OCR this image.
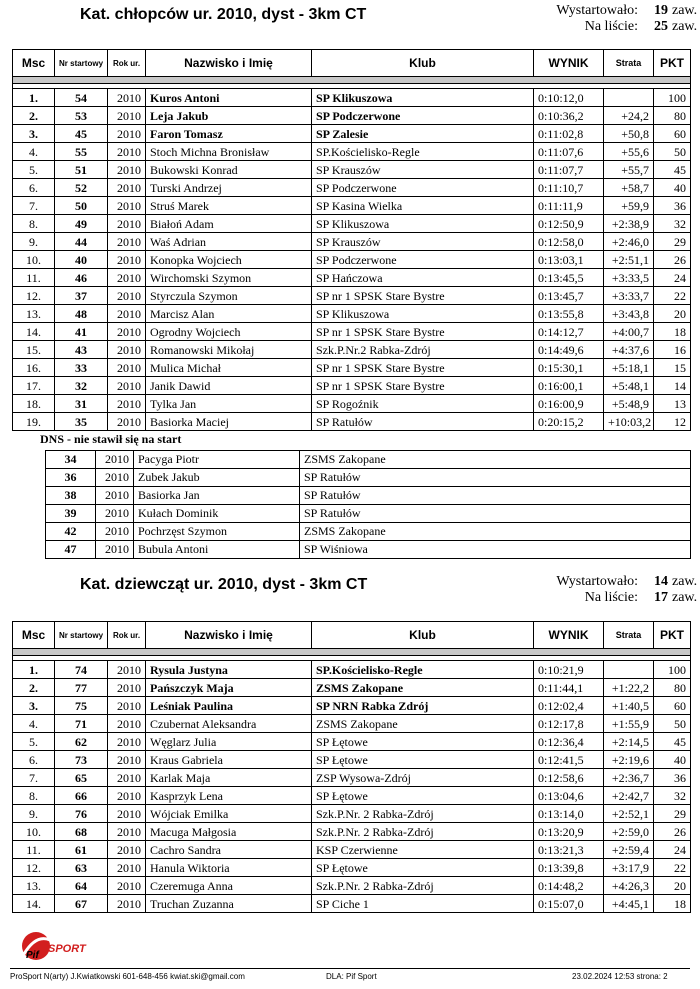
Kat. chłopców ur. 2010, dyst - 3km CT	Wystartowało: 19 zaw.
Na liście: 25 zaw.
Msc	Nr startowy	Rok ur.	Nazwisko i Imię	Klub	WYNIK	Strata	PKT

1.	54	2010	Kuros Antoni	SP Klikuszowa	0:10:12,0		100
2.	53	2010	Leja Jakub	SP Podczerwone	0:10:36,2	+24,2	80
3.	45	2010	Faron Tomasz	SP Zalesie	0:11:02,8	+50,8	60
4.	55	2010	Stoch Michna Bronisław	SP.Kościelisko-Regle	0:11:07,6	+55,6	50
5.	51	2010	Bukowski Konrad	SP Krauszów	0:11:07,7	+55,7	45
6.	52	2010	Turski Andrzej	SP Podczerwone	0:11:10,7	+58,7	40
7.	50	2010	Struś Marek	SP Kasina Wielka	0:11:11,9	+59,9	36
8.	49	2010	Białoń Adam	SP Klikuszowa	0:12:50,9	+2:38,9	32
9.	44	2010	Waś Adrian	SP Krauszów	0:12:58,0	+2:46,0	29
10.	40	2010	Konopka Wojciech	SP Podczerwone	0:13:03,1	+2:51,1	26
11.	46	2010	Wirchomski Szymon	SP Hańczowa	0:13:45,5	+3:33,5	24
12.	37	2010	Styrczula Szymon	SP nr 1 SPSK Stare Bystre	0:13:45,7	+3:33,7	22
13.	48	2010	Marcisz Alan	SP Klikuszowa	0:13:55,8	+3:43,8	20
14.	41	2010	Ogrodny Wojciech	SP nr 1 SPSK Stare Bystre	0:14:12,7	+4:00,7	18
15.	43	2010	Romanowski Mikołaj	Szk.P.Nr.2 Rabka-Zdrój	0:14:49,6	+4:37,6	16
16.	33	2010	Mulica Michał	SP nr 1 SPSK Stare Bystre	0:15:30,1	+5:18,1	15
17.	32	2010	Janik Dawid	SP nr 1 SPSK Stare Bystre	0:16:00,1	+5:48,1	14
18.	31	2010	Tylka Jan	SP Rogoźnik	0:16:00,9	+5:48,9	13
19.	35	2010	Basiorka Maciej	SP Ratułów	0:20:15,2	+10:03,2	12
DNS - nie stawił się na start
34	2010	Pacyga Piotr	ZSMS Zakopane
36	2010	Zubek Jakub	SP Ratułów
38	2010	Basiorka Jan	SP Ratułów
39	2010	Kułach Dominik	SP Ratułów
42	2010	Pochrzęst Szymon	ZSMS Zakopane
47	2010	Bubula Antoni	SP Wiśniowa
Kat. dziewcząt ur. 2010, dyst - 3km CT	Wystartowało: 14 zaw.
Na liście: 17 zaw.
Msc	Nr startowy	Rok ur.	Nazwisko i Imię	Klub	WYNIK	Strata	PKT

1.	74	2010	Rysula Justyna	SP.Kościelisko-Regle	0:10:21,9		100
2.	77	2010	Pańszczyk Maja	ZSMS Zakopane	0:11:44,1	+1:22,2	80
3.	75	2010	Leśniak Paulina	SP NRN Rabka Zdrój	0:12:02,4	+1:40,5	60
4.	71	2010	Czubernat Aleksandra	ZSMS Zakopane	0:12:17,8	+1:55,9	50
5.	62	2010	Węglarz Julia	SP Łętowe	0:12:36,4	+2:14,5	45
6.	73	2010	Kraus Gabriela	SP Łętowe	0:12:41,5	+2:19,6	40
7.	65	2010	Karlak Maja	ZSP Wysowa-Zdrój	0:12:58,6	+2:36,7	36
8.	66	2010	Kasprzyk Lena	SP Łętowe	0:13:04,6	+2:42,7	32
9.	76	2010	Wójciak Emilka	Szk.P.Nr. 2 Rabka-Zdrój	0:13:14,0	+2:52,1	29
10.	68	2010	Macuga Małgosia	Szk.P.Nr. 2 Rabka-Zdrój	0:13:20,9	+2:59,0	26
11.	61	2010	Cachro Sandra	KSP Czerwienne	0:13:21,3	+2:59,4	24
12.	63	2010	Hanula Wiktoria	SP Łętowe	0:13:39,8	+3:17,9	22
13.	64	2010	Czeremuga Anna	Szk.P.Nr. 2 Rabka-Zdrój	0:14:48,2	+4:26,3	20
14.	67	2010	Truchan Zuzanna	SP Ciche 1	0:15:07,0	+4:45,1	18
Pif
SPORT
ProSport N(arty) J.Kwiatkowski 601-648-456 kwiat.ski@gmail.com	DLA: Pif Sport	23.02.2024 12:53 strona: 2
